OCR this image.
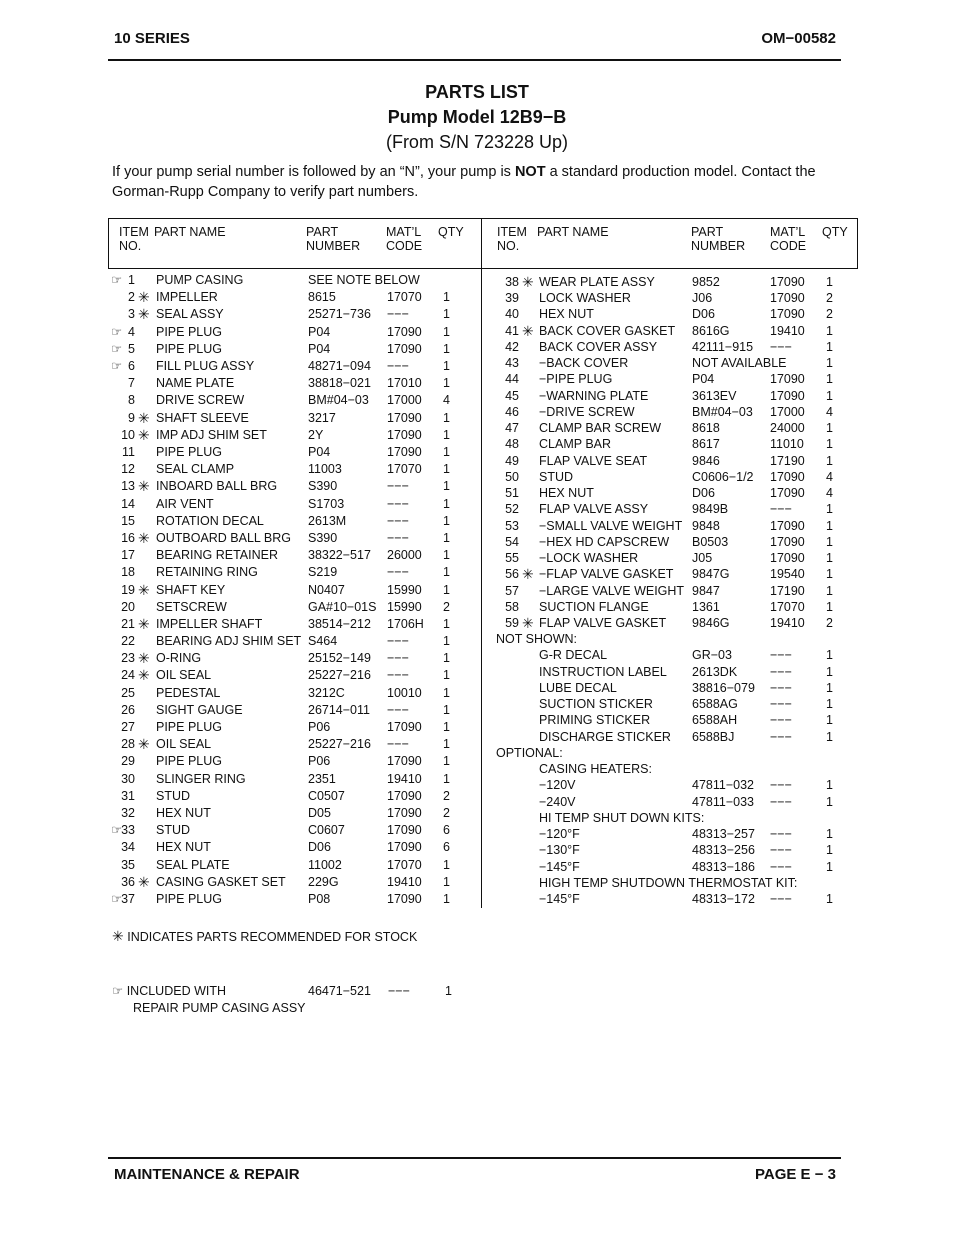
10 SERIES	OM−00582
PARTS LIST
Pump Model 12B9−B
(From S/N 723228 Up)
If your pump serial number is followed by an “N”, your pump is NOT a standard production model. Contact the Gorman-Rupp Company to verify part numbers.
ITEM
NO.
PART NAME	PART
NUMBER
MAT’L
CODE
QTY	ITEM
NO.
PART NAME	PART
NUMBER
MAT’L
CODE
QTY
☞ 1 PUMP CASING	SEE NOTE BELOW
2 ✳ IMPELLER	8615	17070 1
3 ✳ SEAL ASSY	25271−736 −−−	1
☞ 4 PIPE PLUG	P04	17090 1
☞ 5 PIPE PLUG	P04	17090 1
☞ 6 FILL PLUG ASSY	48271−094 −−−	1
7 NAME PLATE	38818−021 17010 1
8 DRIVE SCREW	BM#04−03 17000 4
9 ✳ SHAFT SLEEVE	3217	17090 1
10 ✳ IMP ADJ SHIM SET	2Y	17090 1
11 PIPE PLUG	P04	17090 1
12 SEAL CLAMP	11003	17070 1
13 ✳ INBOARD BALL BRG S390	−−−	1
14 AIR VENT	S1703	−−−	1
15 ROTATION DECAL	2613M	−−−	1
16 ✳ OUTBOARD BALL BRG S390	−−−	1
17 BEARING RETAINER 38322−517 26000 1
18 RETAINING RING	S219	−−−	1
19 ✳ SHAFT KEY	N0407	15990 1
20 SETSCREW	GA#10−01S 15990 2
21 ✳ IMPELLER SHAFT	38514−212 1706H 1
22 BEARING ADJ SHIM SET S464	−−−	1
23 ✳ O-RING	25152−149 −−−	1
24 ✳ OIL SEAL	25227−216 −−−	1
25 PEDESTAL	3212C	10010 1
26 SIGHT GAUGE	26714−011 −−−	1
27 PIPE PLUG	P06	17090 1
28 ✳ OIL SEAL	25227−216 −−−	1
29 PIPE PLUG	P06	17090 1
30 SLINGER RING	2351	19410 1
31 STUD	C0507	17090 2
32 HEX NUT	D05	17090 2
☞
33 STUD	C0607	17090 6
34 HEX NUT	D06	17090 6
35 SEAL PLATE	11002	17070 1
36 ✳ CASING GASKET SET 229G	19410 1
☞
37 PIPE PLUG	P08	17090 1
38 ✳ WEAR PLATE ASSY	9852	17090 1
39 LOCK WASHER	J06	17090 2
40 HEX NUT	D06	17090 2
41 ✳ BACK COVER GASKET 8616G	19410 1
42 BACK COVER ASSY	42111−915 −−−	1
43 −BACK COVER	NOT AVAILABLE	1
44 −PIPE PLUG	P04	17090 1
45 −WARNING PLATE	3613EV	17090 1
46 −DRIVE SCREW	BM#04−03 17000 4
47 CLAMP BAR SCREW 8618	24000 1
48 CLAMP BAR	8617	11010 1
49 FLAP VALVE SEAT	9846	17190 1
50 STUD	C0606−1/2 17090 4
51 HEX NUT	D06	17090 4
52 FLAP VALVE ASSY	9849B	−−−	1
53 −SMALL VALVE WEIGHT 9848	17090 1
54 −HEX HD CAPSCREW B0503	17090 1
55 −LOCK WASHER	J05	17090 1
56 ✳ −FLAP VALVE GASKET 9847G	19540 1
57 −LARGE VALVE WEIGHT 9847	17190 1
58 SUCTION FLANGE	1361	17070 1
59 ✳ FLAP VALVE GASKET 9846G	19410 2
NOT SHOWN:
G-R DECAL	GR−03	−−−	1
INSTRUCTION LABEL 2613DK	−−−	1
LUBE DECAL	38816−079 −−−	1
SUCTION STICKER	6588AG	−−−	1
PRIMING STICKER	6588AH	−−−	1
DISCHARGE STICKER 6588BJ	−−−	1
OPTIONAL:
CASING HEATERS:
−120V	47811−032 −−−	1
−240V	47811−033 −−−	1
HI TEMP SHUT DOWN KITS:
−120°F	48313−257 −−−	1
−130°F	48313−256 −−−	1
−145°F	48313−186 −−−	1
HIGH TEMP SHUTDOWN THERMOSTAT KIT:
−145°F	48313−172 −−−	1
✳ INDICATES PARTS RECOMMENDED FOR STOCK
☞ INCLUDED WITH
REPAIR PUMP CASING ASSY
46471−521 −−−	1
MAINTENANCE & REPAIR	PAGE E − 3
